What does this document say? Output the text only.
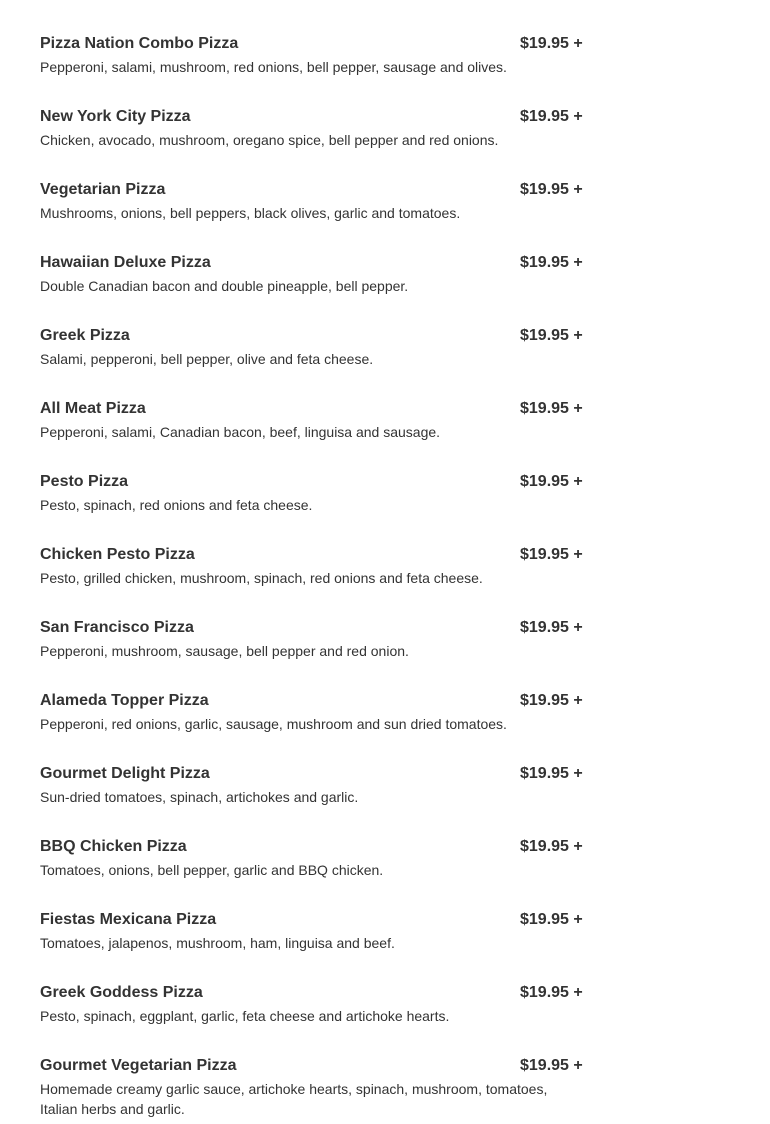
Pizza Nation Combo Pizza	$19.95 +
Pepperoni, salami, mushroom, red onions, bell pepper, sausage and olives.
New York City Pizza	$19.95 +
Chicken, avocado, mushroom, oregano spice, bell pepper and red onions.
Vegetarian Pizza	$19.95 +
Mushrooms, onions, bell peppers, black olives, garlic and tomatoes.
Hawaiian Deluxe Pizza	$19.95 +
Double Canadian bacon and double pineapple, bell pepper.
Greek Pizza	$19.95 +
Salami, pepperoni, bell pepper, olive and feta cheese.
All Meat Pizza	$19.95 +
Pepperoni, salami, Canadian bacon, beef, linguisa and sausage.
Pesto Pizza	$19.95 +
Pesto, spinach, red onions and feta cheese.
Chicken Pesto Pizza	$19.95 +
Pesto, grilled chicken, mushroom, spinach, red onions and feta cheese.
San Francisco Pizza	$19.95 +
Pepperoni, mushroom, sausage, bell pepper and red onion.
Alameda Topper Pizza	$19.95 +
Pepperoni, red onions, garlic, sausage, mushroom and sun dried tomatoes.
Gourmet Delight Pizza	$19.95 +
Sun-dried tomatoes, spinach, artichokes and garlic.
BBQ Chicken Pizza	$19.95 +
Tomatoes, onions, bell pepper, garlic and BBQ chicken.
Fiestas Mexicana Pizza	$19.95 +
Tomatoes, jalapenos, mushroom, ham, linguisa and beef.
Greek Goddess Pizza	$19.95 +
Pesto, spinach, eggplant, garlic, feta cheese and artichoke hearts.
Gourmet Vegetarian Pizza	$19.95 +
Homemade creamy garlic sauce, artichoke hearts, spinach, mushroom, tomatoes, Italian herbs and garlic.
